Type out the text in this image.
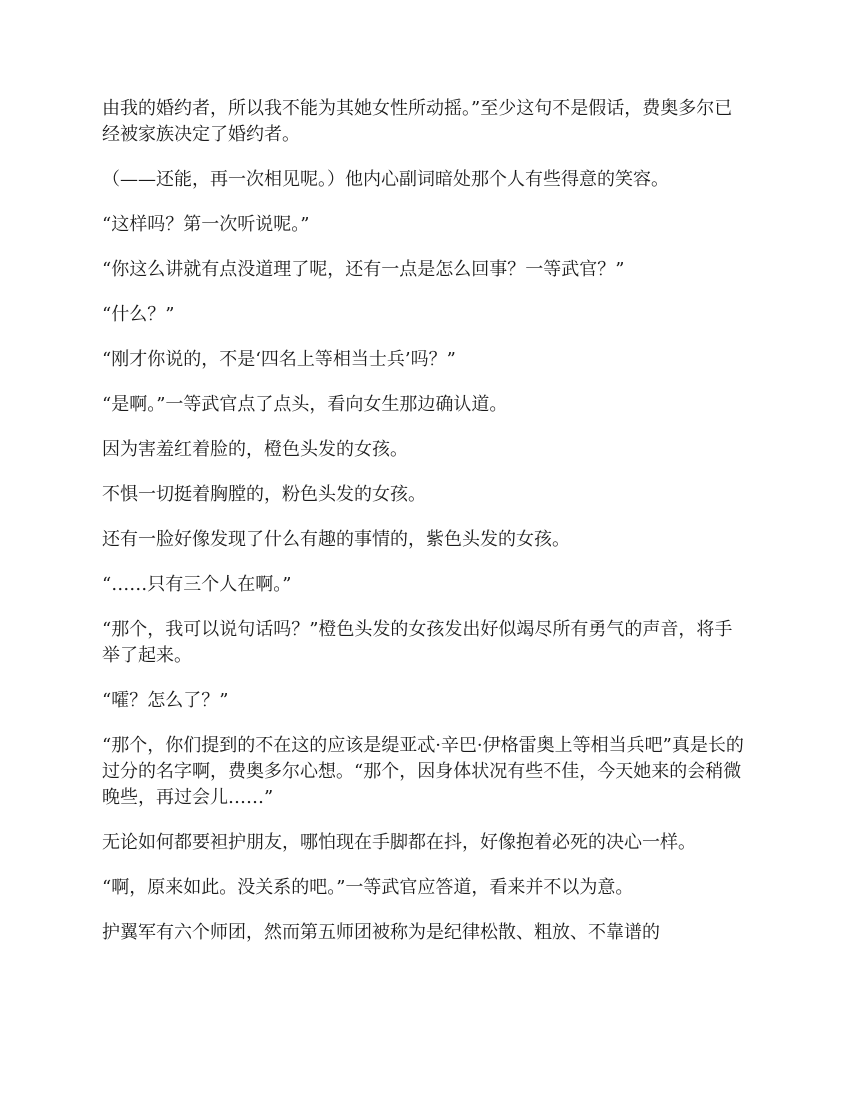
由我的婚约者，所以我不能为其她女性所动摇。”至少这句不是假话，费奥多尔已经被家族决定了婚约者。

（——还能，再一次相见呢。）他内心副词暗处那个人有些得意的笑容。

“这样吗？第一次听说呢。”

“你这么讲就有点没道理了呢，还有一点是怎么回事？一等武官？”

“什么？”

“刚才你说的，不是‘四名上等相当士兵’吗？”

“是啊。”一等武官点了点头，看向女生那边确认道。

因为害羞红着脸的，橙色头发的女孩。

不惧一切挺着胸膛的，粉色头发的女孩。

还有一脸好像发现了什么有趣的事情的，紫色头发的女孩。

“……只有三个人在啊。”

“那个，我可以说句话吗？”橙色头发的女孩发出好似竭尽所有勇气的声音，将手举了起来。

“嚯？怎么了？”

“那个，你们提到的不在这的应该是缇亚忒·辛巴·伊格雷奥上等相当兵吧”真是长的过分的名字啊，费奥多尔心想。“那个，因身体状况有些不佳，今天她来的会稍微晚些，再过会儿……”

无论如何都要袒护朋友，哪怕现在手脚都在抖，好像抱着必死的决心一样。

“啊，原来如此。没关系的吧。”一等武官应答道，看来并不以为意。

护翼军有六个师团，然而第五师团被称为是纪律松散、粗放、不靠谱的
